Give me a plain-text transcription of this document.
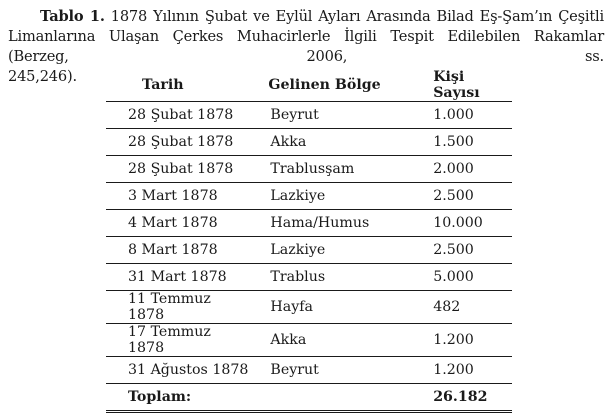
Tablo 1. 1878 Yılının Şubat ve Eylül Ayları Arasında Bilad Eş-Şam’ın Çeşitli
Limanlarına Ulaşan Çerkes Muhacirlerle İlgili Tespit Edilebilen Rakamlar (Berzeg, 2006, ss.
245,246).	Tarih	Gelinen Bölge	Kişi Sayısı
28 Şubat 1878	Beyrut	1.000
28 Şubat 1878	Akka	1.500
28 Şubat 1878	Trablusşam	2.000
3 Mart 1878	Lazkiye	2.500
4 Mart 1878	Hama/Humus	10.000
8 Mart 1878	Lazkiye	2.500
31 Mart 1878	Trablus	5.000
11 Temmuz 1878	Hayfa	482
17 Temmuz 1878	Akka	1.200
31 Ağustos 1878	Beyrut	1.200
Toplam:		26.182
